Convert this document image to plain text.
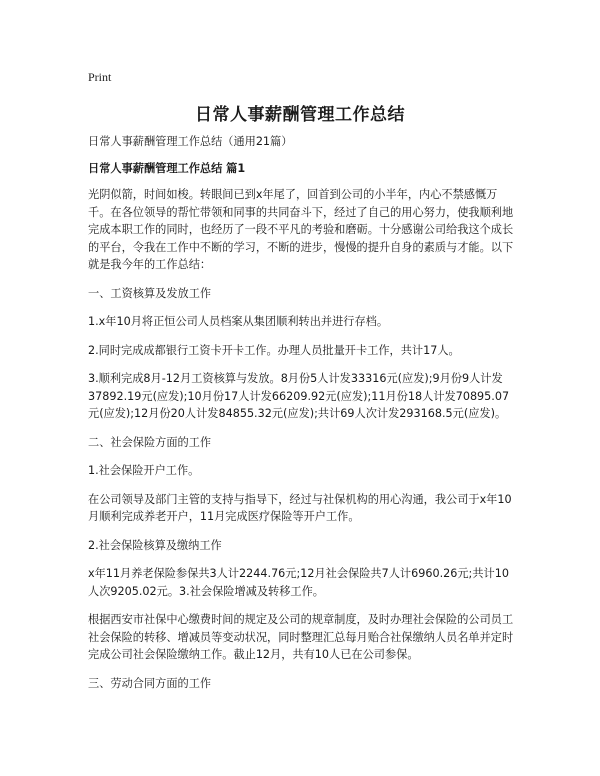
Print
日常人事薪酬管理工作总结

日常人事薪酬管理工作总结（通用21篇）

日常人事薪酬管理工作总结 篇1

光阴似箭，时间如梭。转眼间已到x年尾了，回首到公司的小半年，内心不禁感慨万千。在各位领导的帮忙带领和同事的共同奋斗下，经过了自己的用心努力，使我顺利地完成本职工作的同时，也经历了一段不平凡的考验和磨砺。十分感谢公司给我这个成长的平台，令我在工作中不断的学习，不断的进步，慢慢的提升自身的素质与才能。以下就是我今年的工作总结：

一、工资核算及发放工作

1.x年10月将正恒公司人员档案从集团顺利转出并进行存档。

2.同时完成成都银行工资卡开卡工作。办理人员批量开卡工作，共计17人。

3.顺利完成8月-12月工资核算与发放。8月份5人计发33316元(应发);9月份9人计发37892.19元(应发);10月份17人计发66209.92元(应发);11月份18人计发70895.07元(应发);12月份20人计发84855.32元(应发);共计69人次计发293168.5元(应发)。

二、社会保险方面的工作

1.社会保险开户工作。

在公司领导及部门主管的支持与指导下，经过与社保机构的用心沟通，我公司于x年10月顺利完成养老开户，11月完成医疗保险等开户工作。

2.社会保险核算及缴纳工作

x年11月养老保险参保共3人计2244.76元;12月社会保险共7人计6960.26元;共计10人次9205.02元。3.社会保险增减及转移工作。

根据西安市社保中心缴费时间的规定及公司的规章制度，及时办理社会保险的公司员工社会保险的转移、增减员等变动状况，同时整理汇总每月贻合社保缴纳人员名单并定时完成公司社会保险缴纳工作。截止12月，共有10人已在公司参保。

三、劳动合同方面的工作
